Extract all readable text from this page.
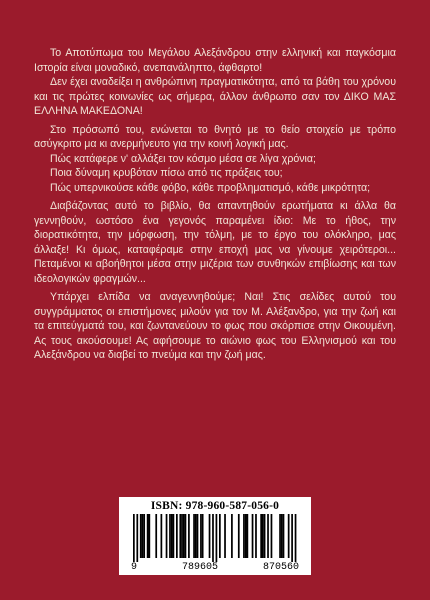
Το Αποτύπωμα του Μεγάλου Αλεξάνδρου στην ελληνική και παγκόσμια Ιστορία είναι μοναδικό, ανεπανάληπτο, άφθαρτο!

Δεν έχει αναδείξει η ανθρώπινη πραγματικότητα, από τα βάθη του χρόνου και τις πρώτες κοινωνίες ως σήμερα, άλλον άνθρωπο σαν τον ΔΙΚΟ ΜΑΣ ΕΛΛΗΝΑ ΜΑΚΕΔΟΝΑ!

Στο πρόσωπό του, ενώνεται το θνητό με το θείο στοιχείο με τρόπο ασύγκριτο μα κι ανερμήνευτο για την κοινή λογική μας.

Πώς κατάφερε ν' αλλάξει τον κόσμο μέσα σε λίγα χρόνια;

Ποια δύναμη κρυβόταν πίσω από τις πράξεις του;

Πώς υπερνικούσε κάθε φόβο, κάθε προβληματισμό, κάθε μικρότητα;

Διαβάζοντας αυτό το βιβλίο, θα απαντηθούν ερωτήματα κι άλλα θα γεννηθούν, ωστόσο ένα γεγονός παραμένει ίδιο: Με το ήθος, την διορατικότητα, την μόρφωση, την τόλμη, με το έργο του ολόκληρο, μας άλλαξε! Κι όμως, καταφέραμε στην εποχή μας να γίνουμε χειρότεροι... Πεταμένοι κι αβοήθητοι μέσα στην μιζέρια των συνθηκών επιβίωσης και των ιδεολογικών φραγμών...

Υπάρχει ελπίδα να αναγεννηθούμε; Ναι! Στις σελίδες αυτού του συγγράμματος οι επιστήμονες μιλούν για τον Μ. Αλέξανδρο, για την ζωή και τα επιτεύγματά του, και ζωντανεύουν το φως που σκόρπισε στην Οικουμένη. Ας τους ακούσουμε! Ας αφήσουμε το αιώνιο φως του Ελληνισμού και του Αλεξάνδρου να διαβεί το πνεύμα και την ζωή μας.

ISBN: 978-960-587-056-0
9	789605	870560
